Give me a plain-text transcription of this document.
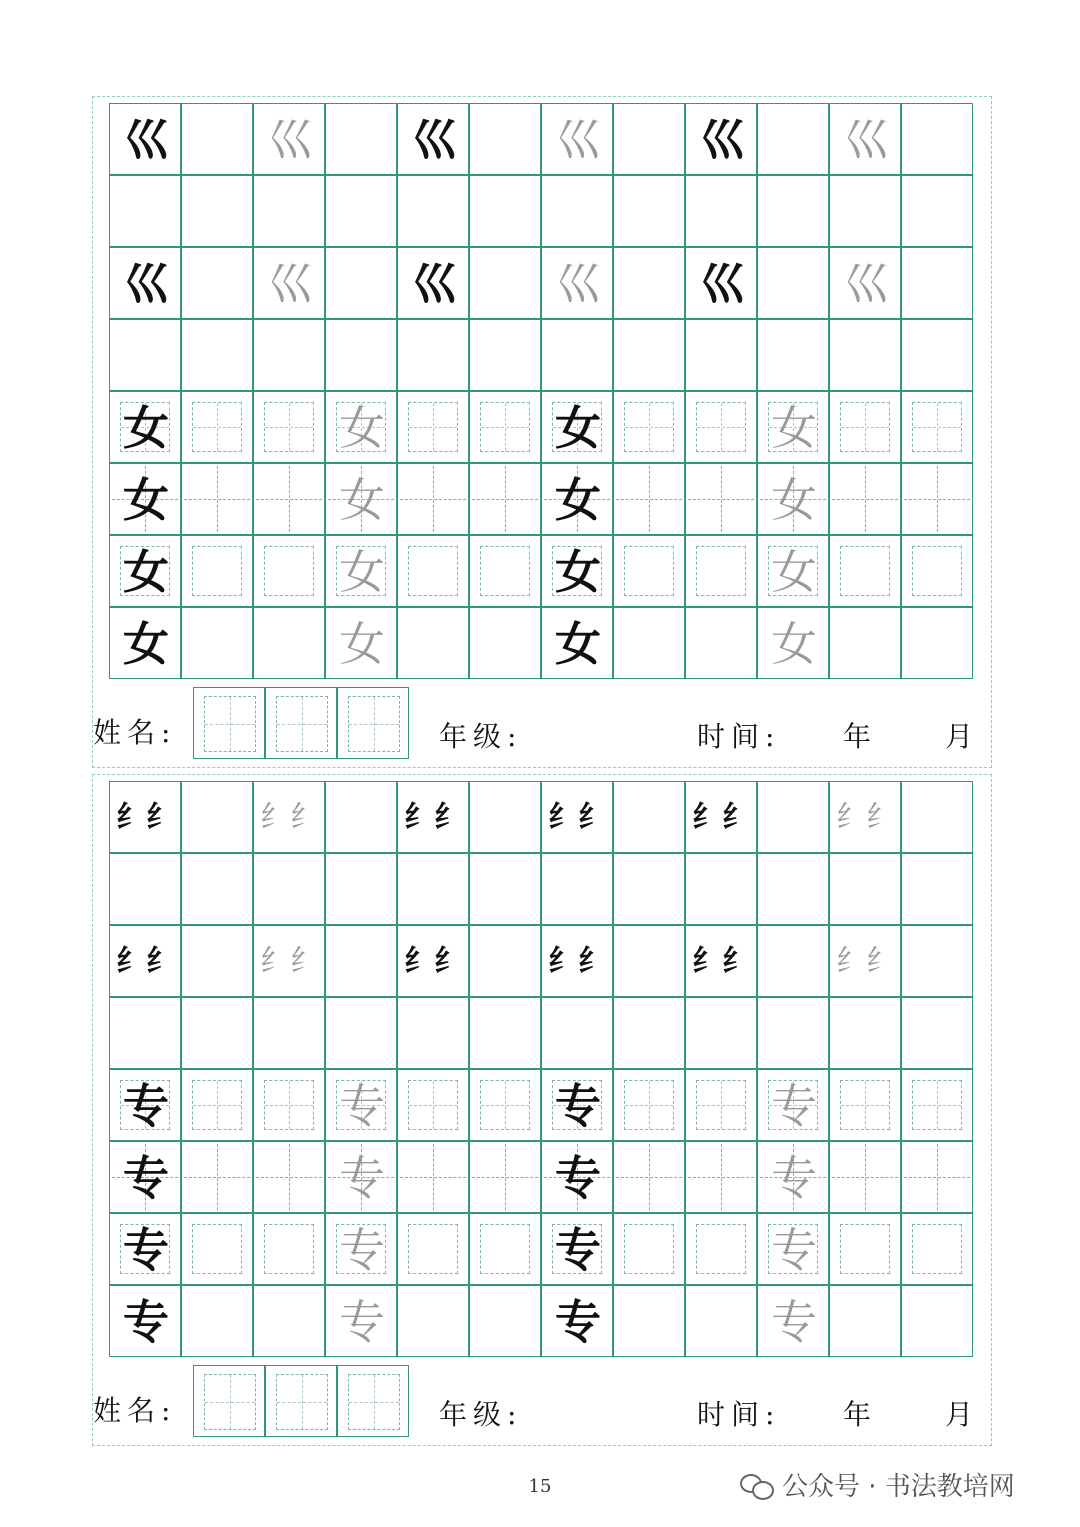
巛 巛 巛 巛 巛 巛
巛 巛 巛 巛 巛 巛
女	女	女	女
女	女	女	女
女	女	女	女
女	女	女	女
姓名:	年级:	时间: 年 月
纟纟	纟纟	纟纟	纟纟	纟纟	纟纟
纟纟	纟纟	纟纟	纟纟	纟纟	纟纟
专	专	专	专
专	专	专	专
专	专	专	专
专	专	专	专
姓名:	年级:	时间: 年 月
15	公众号 · 书法教培网
